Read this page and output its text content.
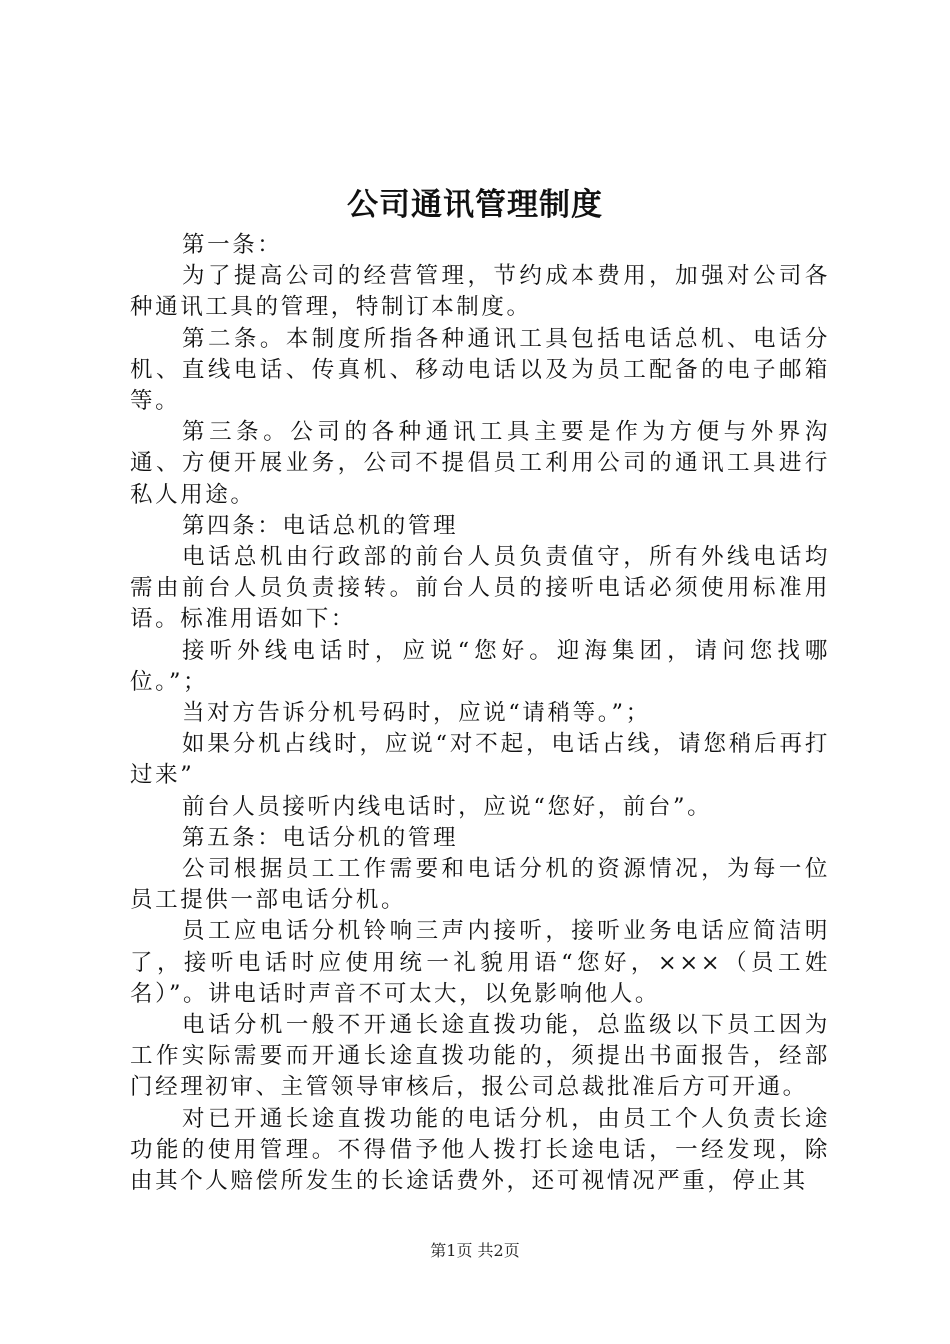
公司通讯管理制度

第一条：

为了提高公司的经营管理，节约成本费用，加强对公司各种通讯工具的管理，特制订本制度。

第二条。本制度所指各种通讯工具包括电话总机、电话分机、直线电话、传真机、移动电话以及为员工配备的电子邮箱等。

第三条。公司的各种通讯工具主要是作为方便与外界沟通、方便开展业务，公司不提倡员工利用公司的通讯工具进行私人用途。

第四条：电话总机的管理

电话总机由行政部的前台人员负责值守，所有外线电话均需由前台人员负责接转。前台人员的接听电话必须使用标准用语。标准用语如下：

接听外线电话时，应说“您好。迎海集团，请问您找哪位。”；

当对方告诉分机号码时，应说“请稍等。”；

如果分机占线时，应说“对不起，电话占线，请您稍后再打过来”

前台人员接听内线电话时，应说“您好，前台”。

第五条：电话分机的管理

公司根据员工工作需要和电话分机的资源情况，为每一位员工提供一部电话分机。

员工应电话分机铃响三声内接听，接听业务电话应简洁明了，接听电话时应使用统一礼貌用语“您好，×××（员工姓名）”。讲电话时声音不可太大，以免影响他人。

电话分机一般不开通长途直拨功能，总监级以下员工因为工作实际需要而开通长途直拨功能的，须提出书面报告，经部门经理初审、主管领导审核后，报公司总裁批准后方可开通。

对已开通长途直拨功能的电话分机，由员工个人负责长途功能的使用管理。不得借予他人拨打长途电话，一经发现，除由其个人赔偿所发生的长途话费外，还可视情况严重，停止其

第1页 共2页
